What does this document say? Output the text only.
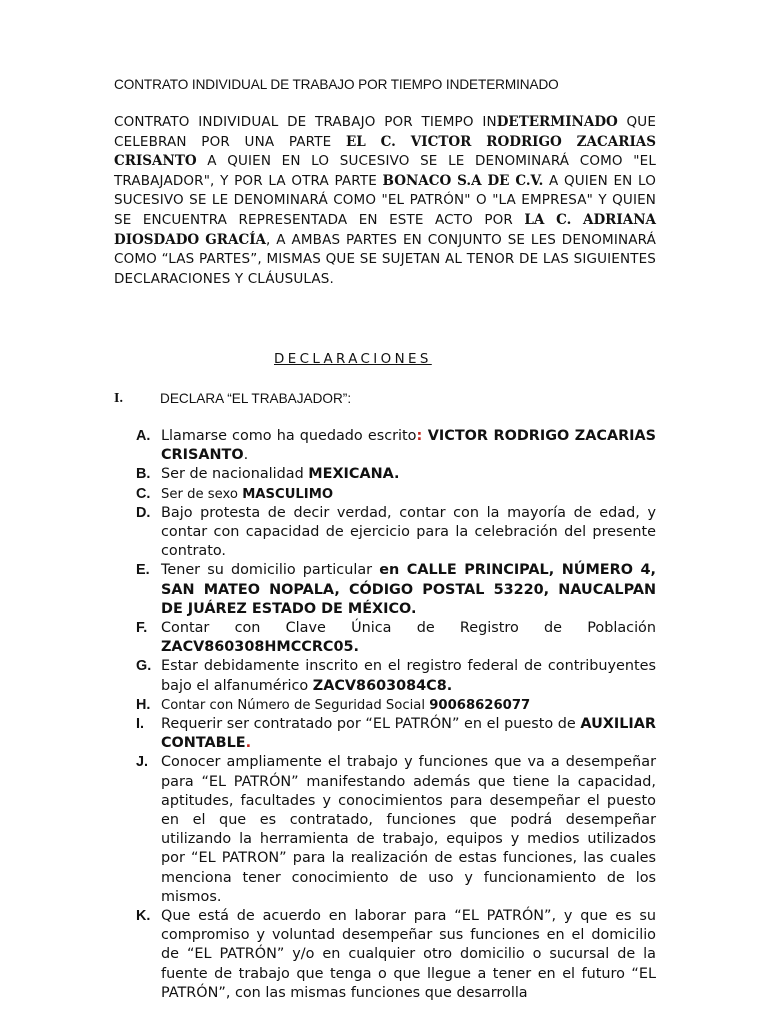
CONTRATO INDIVIDUAL DE TRABAJO POR TIEMPO INDETERMINADO
CONTRATO INDIVIDUAL DE TRABAJO POR TIEMPO INDETERMINADO QUE CELEBRAN POR UNA PARTE EL C. VICTOR RODRIGO ZACARIAS CRISANTO A QUIEN EN LO SUCESIVO SE LE DENOMINARÁ COMO "EL TRABAJADOR", Y POR LA OTRA PARTE BONACO S.A DE C.V. A QUIEN EN LO SUCESIVO SE LE DENOMINARÁ COMO "EL PATRÓN" O "LA EMPRESA" Y QUIEN SE ENCUENTRA REPRESENTADA EN ESTE ACTO POR LA C. ADRIANA DIOSDADO GRACÍA, A AMBAS PARTES EN CONJUNTO SE LES DENOMINARÁ COMO “LAS PARTES”, MISMAS QUE SE SUJETAN AL TENOR DE LAS SIGUIENTES DECLARACIONES Y CLÁUSULAS.
DECLARACIONES
I.	DECLARA “EL TRABAJADOR”:
A. Llamarse como ha quedado escrito: VICTOR RODRIGO ZACARIAS CRISANTO.
B. Ser de nacionalidad MEXICANA.
C. Ser de sexo MASCULIMO
D. Bajo protesta de decir verdad, contar con la mayoría de edad, y contar con capacidad de ejercicio para la celebración del presente contrato.
E. Tener su domicilio particular en CALLE PRINCIPAL, NÚMERO 4, SAN MATEO NOPALA, CÓDIGO POSTAL 53220, NAUCALPAN DE JUÁREZ ESTADO DE MÉXICO.
F. Contar con Clave Única de Registro de Población ZACV860308HMCCRC05.
G. Estar debidamente inscrito en el registro federal de contribuyentes bajo el alfanumérico ZACV8603084C8.
H. Contar con Número de Seguridad Social 90068626077
I. Requerir ser contratado por “EL PATRÓN” en el puesto de AUXILIAR CONTABLE.
J. Conocer ampliamente el trabajo y funciones que va a desempeñar para “EL PATRÓN” manifestando además que tiene la capacidad, aptitudes, facultades y conocimientos para desempeñar el puesto en el que es contratado, funciones que podrá desempeñar utilizando la herramienta de trabajo, equipos y medios utilizados por “EL PATRON” para la realización de estas funciones, las cuales menciona tener conocimiento de uso y funcionamiento de los mismos.
K. Que está de acuerdo en laborar para “EL PATRÓN”, y que es su compromiso y voluntad desempeñar sus funciones en el domicilio de “EL PATRÓN” y/o en cualquier otro domicilio o sucursal de la fuente de trabajo que tenga o que llegue a tener en el futuro “EL PATRÓN”, con las mismas funciones que desarrolla
